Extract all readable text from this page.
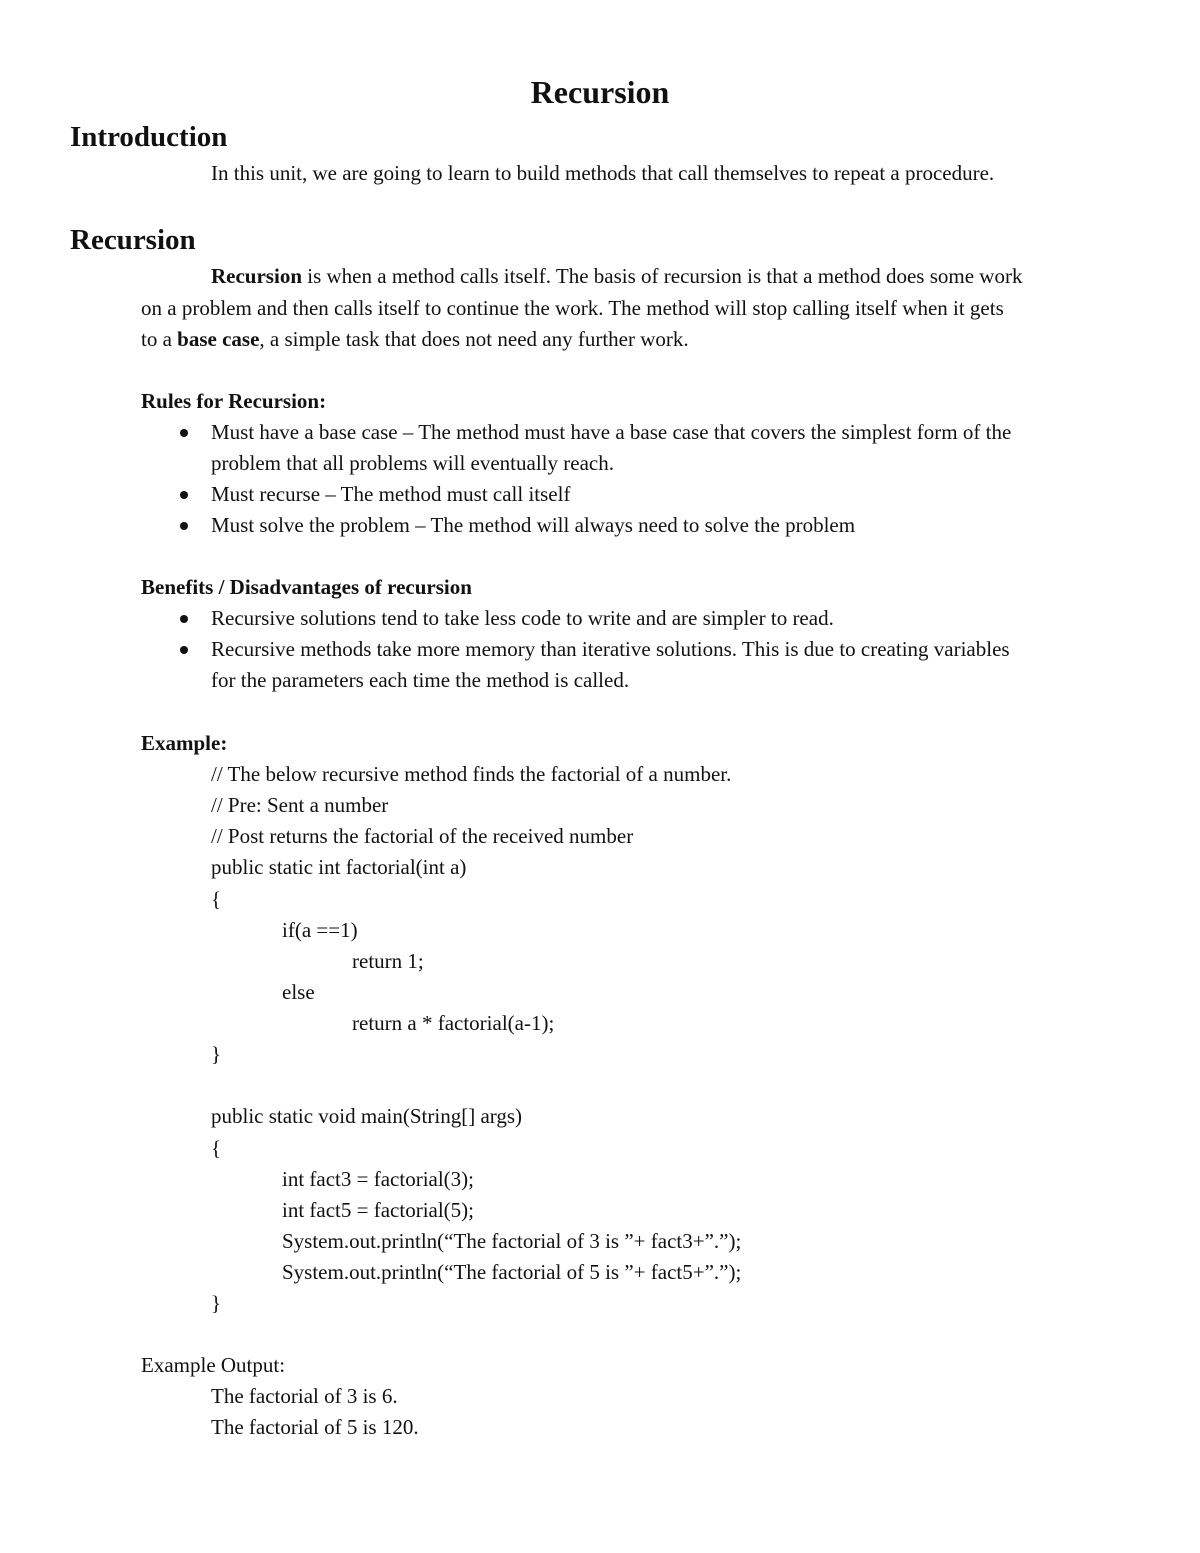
Recursion
Introduction
In this unit, we are going to learn to build methods that call themselves to repeat a procedure.
Recursion
Recursion is when a method calls itself. The basis of recursion is that a method does some work
on a problem and then calls itself to continue the work. The method will stop calling itself when it gets
to a base case, a simple task that does not need any further work.
Rules for Recursion:
Must have a base case – The method must have a base case that covers the simplest form of the
problem that all problems will eventually reach.
Must recurse – The method must call itself
Must solve the problem – The method will always need to solve the problem
Benefits / Disadvantages of recursion
Recursive solutions tend to take less code to write and are simpler to read.
Recursive methods take more memory than iterative solutions. This is due to creating variables
for the parameters each time the method is called.
Example:
// The below recursive method finds the factorial of a number.
// Pre: Sent a number
// Post returns the factorial of the received number
public static int factorial(int a)
{
if(a ==1)
return 1;
else
return a * factorial(a-1);
}
public static void main(String[] args)
{
int fact3 = factorial(3);
int fact5 = factorial(5);
System.out.println(“The factorial of 3 is ”+ fact3+”.”);
System.out.println(“The factorial of 5 is ”+ fact5+”.”);
}
Example Output:
The factorial of 3 is 6.
The factorial of 5 is 120.
